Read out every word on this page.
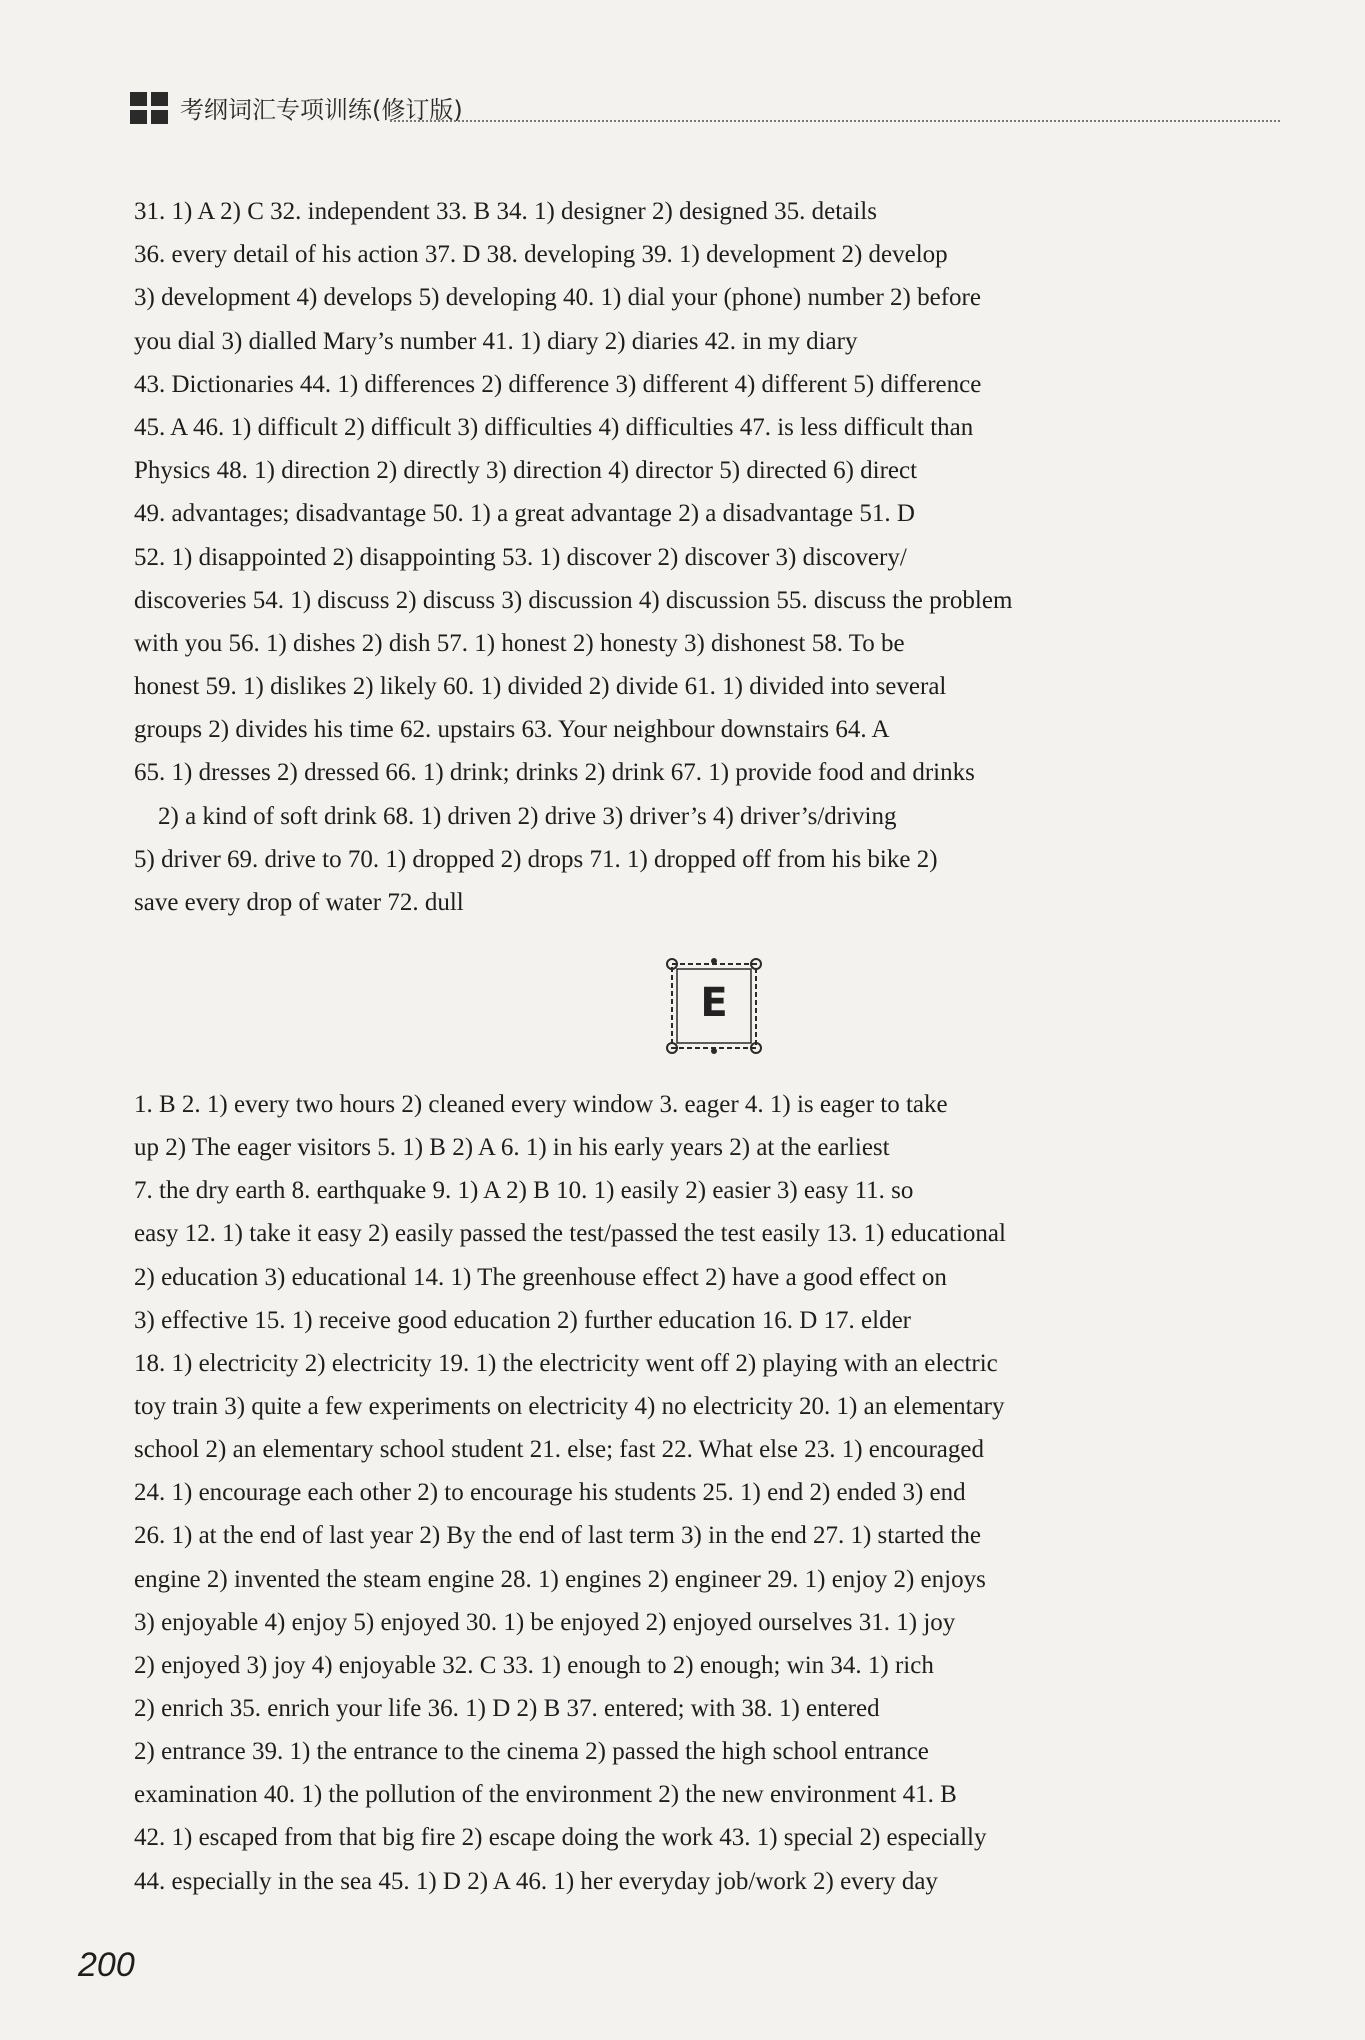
考纲词汇专项训练(修订版)
31. 1) A 2) C 32. independent 33. B 34. 1) designer 2) designed 35. details
36. every detail of his action 37. D 38. developing 39. 1) development 2) develop
3) development 4) develops 5) developing 40. 1) dial your (phone) number 2) before
you dial 3) dialled Mary’s number 41. 1) diary 2) diaries 42. in my diary
43. Dictionaries 44. 1) differences 2) difference 3) different 4) different 5) difference
45. A 46. 1) difficult 2) difficult 3) difficulties 4) difficulties 47. is less difficult than
Physics 48. 1) direction 2) directly 3) direction 4) director 5) directed 6) direct
49. advantages; disadvantage 50. 1) a great advantage 2) a disadvantage 51. D
52. 1) disappointed 2) disappointing 53. 1) discover 2) discover 3) discovery/
discoveries 54. 1) discuss 2) discuss 3) discussion 4) discussion 55. discuss the problem
with you 56. 1) dishes 2) dish 57. 1) honest 2) honesty 3) dishonest 58. To be
honest 59. 1) dislikes 2) likely 60. 1) divided 2) divide 61. 1) divided into several
groups 2) divides his time 62. upstairs 63. Your neighbour downstairs 64. A
65. 1) dresses 2) dressed 66. 1) drink; drinks 2) drink 67. 1) provide food and drinks
2) a kind of soft drink 68. 1) driven 2) drive 3) driver’s 4) driver’s/driving
5) driver 69. drive to 70. 1) dropped 2) drops 71. 1) dropped off from his bike 2)
save every drop of water 72. dull
E
1. B 2. 1) every two hours 2) cleaned every window 3. eager 4. 1) is eager to take
up 2) The eager visitors 5. 1) B 2) A 6. 1) in his early years 2) at the earliest
7. the dry earth 8. earthquake 9. 1) A 2) B 10. 1) easily 2) easier 3) easy 11. so
easy 12. 1) take it easy 2) easily passed the test/passed the test easily 13. 1) educational
2) education 3) educational 14. 1) The greenhouse effect 2) have a good effect on
3) effective 15. 1) receive good education 2) further education 16. D 17. elder
18. 1) electricity 2) electricity 19. 1) the electricity went off 2) playing with an electric
toy train 3) quite a few experiments on electricity 4) no electricity 20. 1) an elementary
school 2) an elementary school student 21. else; fast 22. What else 23. 1) encouraged
24. 1) encourage each other 2) to encourage his students 25. 1) end 2) ended 3) end
26. 1) at the end of last year 2) By the end of last term 3) in the end 27. 1) started the
engine 2) invented the steam engine 28. 1) engines 2) engineer 29. 1) enjoy 2) enjoys
3) enjoyable 4) enjoy 5) enjoyed 30. 1) be enjoyed 2) enjoyed ourselves 31. 1) joy
2) enjoyed 3) joy 4) enjoyable 32. C 33. 1) enough to 2) enough; win 34. 1) rich
2) enrich 35. enrich your life 36. 1) D 2) B 37. entered; with 38. 1) entered
2) entrance 39. 1) the entrance to the cinema 2) passed the high school entrance
examination 40. 1) the pollution of the environment 2) the new environment 41. B
42. 1) escaped from that big fire 2) escape doing the work 43. 1) special 2) especially
44. especially in the sea 45. 1) D 2) A 46. 1) her everyday job/work 2) every day
200
